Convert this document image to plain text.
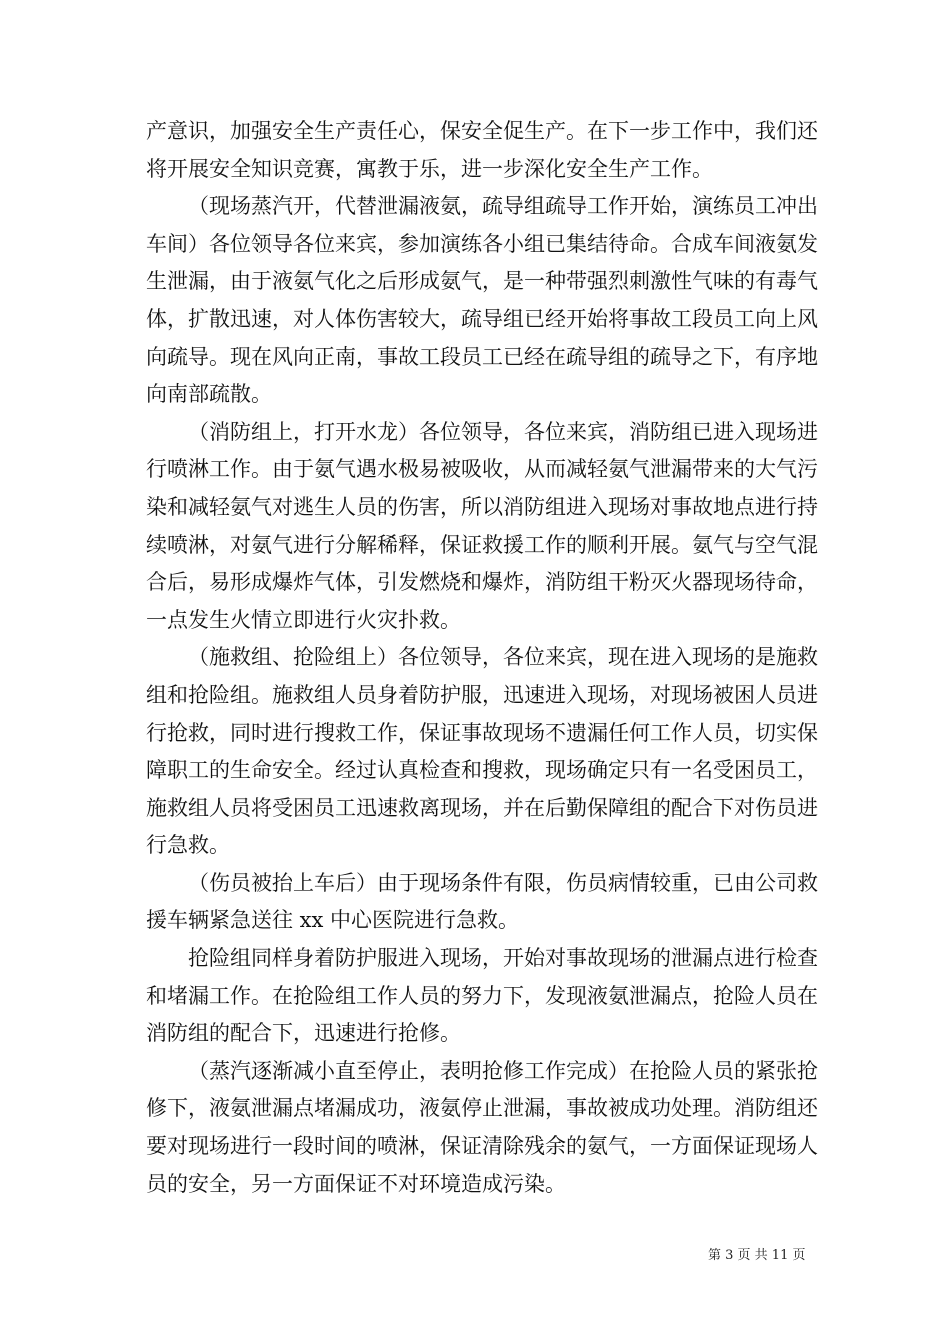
产意识，加强安全生产责任心，保安全促生产。在下一步工作中，我们还将开展安全知识竞赛，寓教于乐，进一步深化安全生产工作。

（现场蒸汽开，代替泄漏液氨，疏导组疏导工作开始，演练员工冲出车间）各位领导各位来宾，参加演练各小组已集结待命。合成车间液氨发生泄漏，由于液氨气化之后形成氨气，是一种带强烈刺激性气味的有毒气体，扩散迅速，对人体伤害较大，疏导组已经开始将事故工段员工向上风向疏导。现在风向正南，事故工段员工已经在疏导组的疏导之下，有序地向南部疏散。

（消防组上，打开水龙）各位领导，各位来宾，消防组已进入现场进行喷淋工作。由于氨气遇水极易被吸收，从而减轻氨气泄漏带来的大气污染和减轻氨气对逃生人员的伤害，所以消防组进入现场对事故地点进行持续喷淋，对氨气进行分解稀释，保证救援工作的顺利开展。氨气与空气混合后，易形成爆炸气体，引发燃烧和爆炸，消防组干粉灭火器现场待命，一点发生火情立即进行火灾扑救。

（施救组、抢险组上）各位领导，各位来宾，现在进入现场的是施救组和抢险组。施救组人员身着防护服，迅速进入现场，对现场被困人员进行抢救，同时进行搜救工作，保证事故现场不遗漏任何工作人员，切实保障职工的生命安全。经过认真检查和搜救，现场确定只有一名受困员工，施救组人员将受困员工迅速救离现场，并在后勤保障组的配合下对伤员进行急救。

（伤员被抬上车后）由于现场条件有限，伤员病情较重，已由公司救援车辆紧急送往 xx 中心医院进行急救。

抢险组同样身着防护服进入现场，开始对事故现场的泄漏点进行检查和堵漏工作。在抢险组工作人员的努力下，发现液氨泄漏点，抢险人员在消防组的配合下，迅速进行抢修。

（蒸汽逐渐减小直至停止，表明抢修工作完成）在抢险人员的紧张抢修下，液氨泄漏点堵漏成功，液氨停止泄漏，事故被成功处理。消防组还要对现场进行一段时间的喷淋，保证清除残余的氨气，一方面保证现场人员的安全，另一方面保证不对环境造成污染。

第 3 页 共 11 页
